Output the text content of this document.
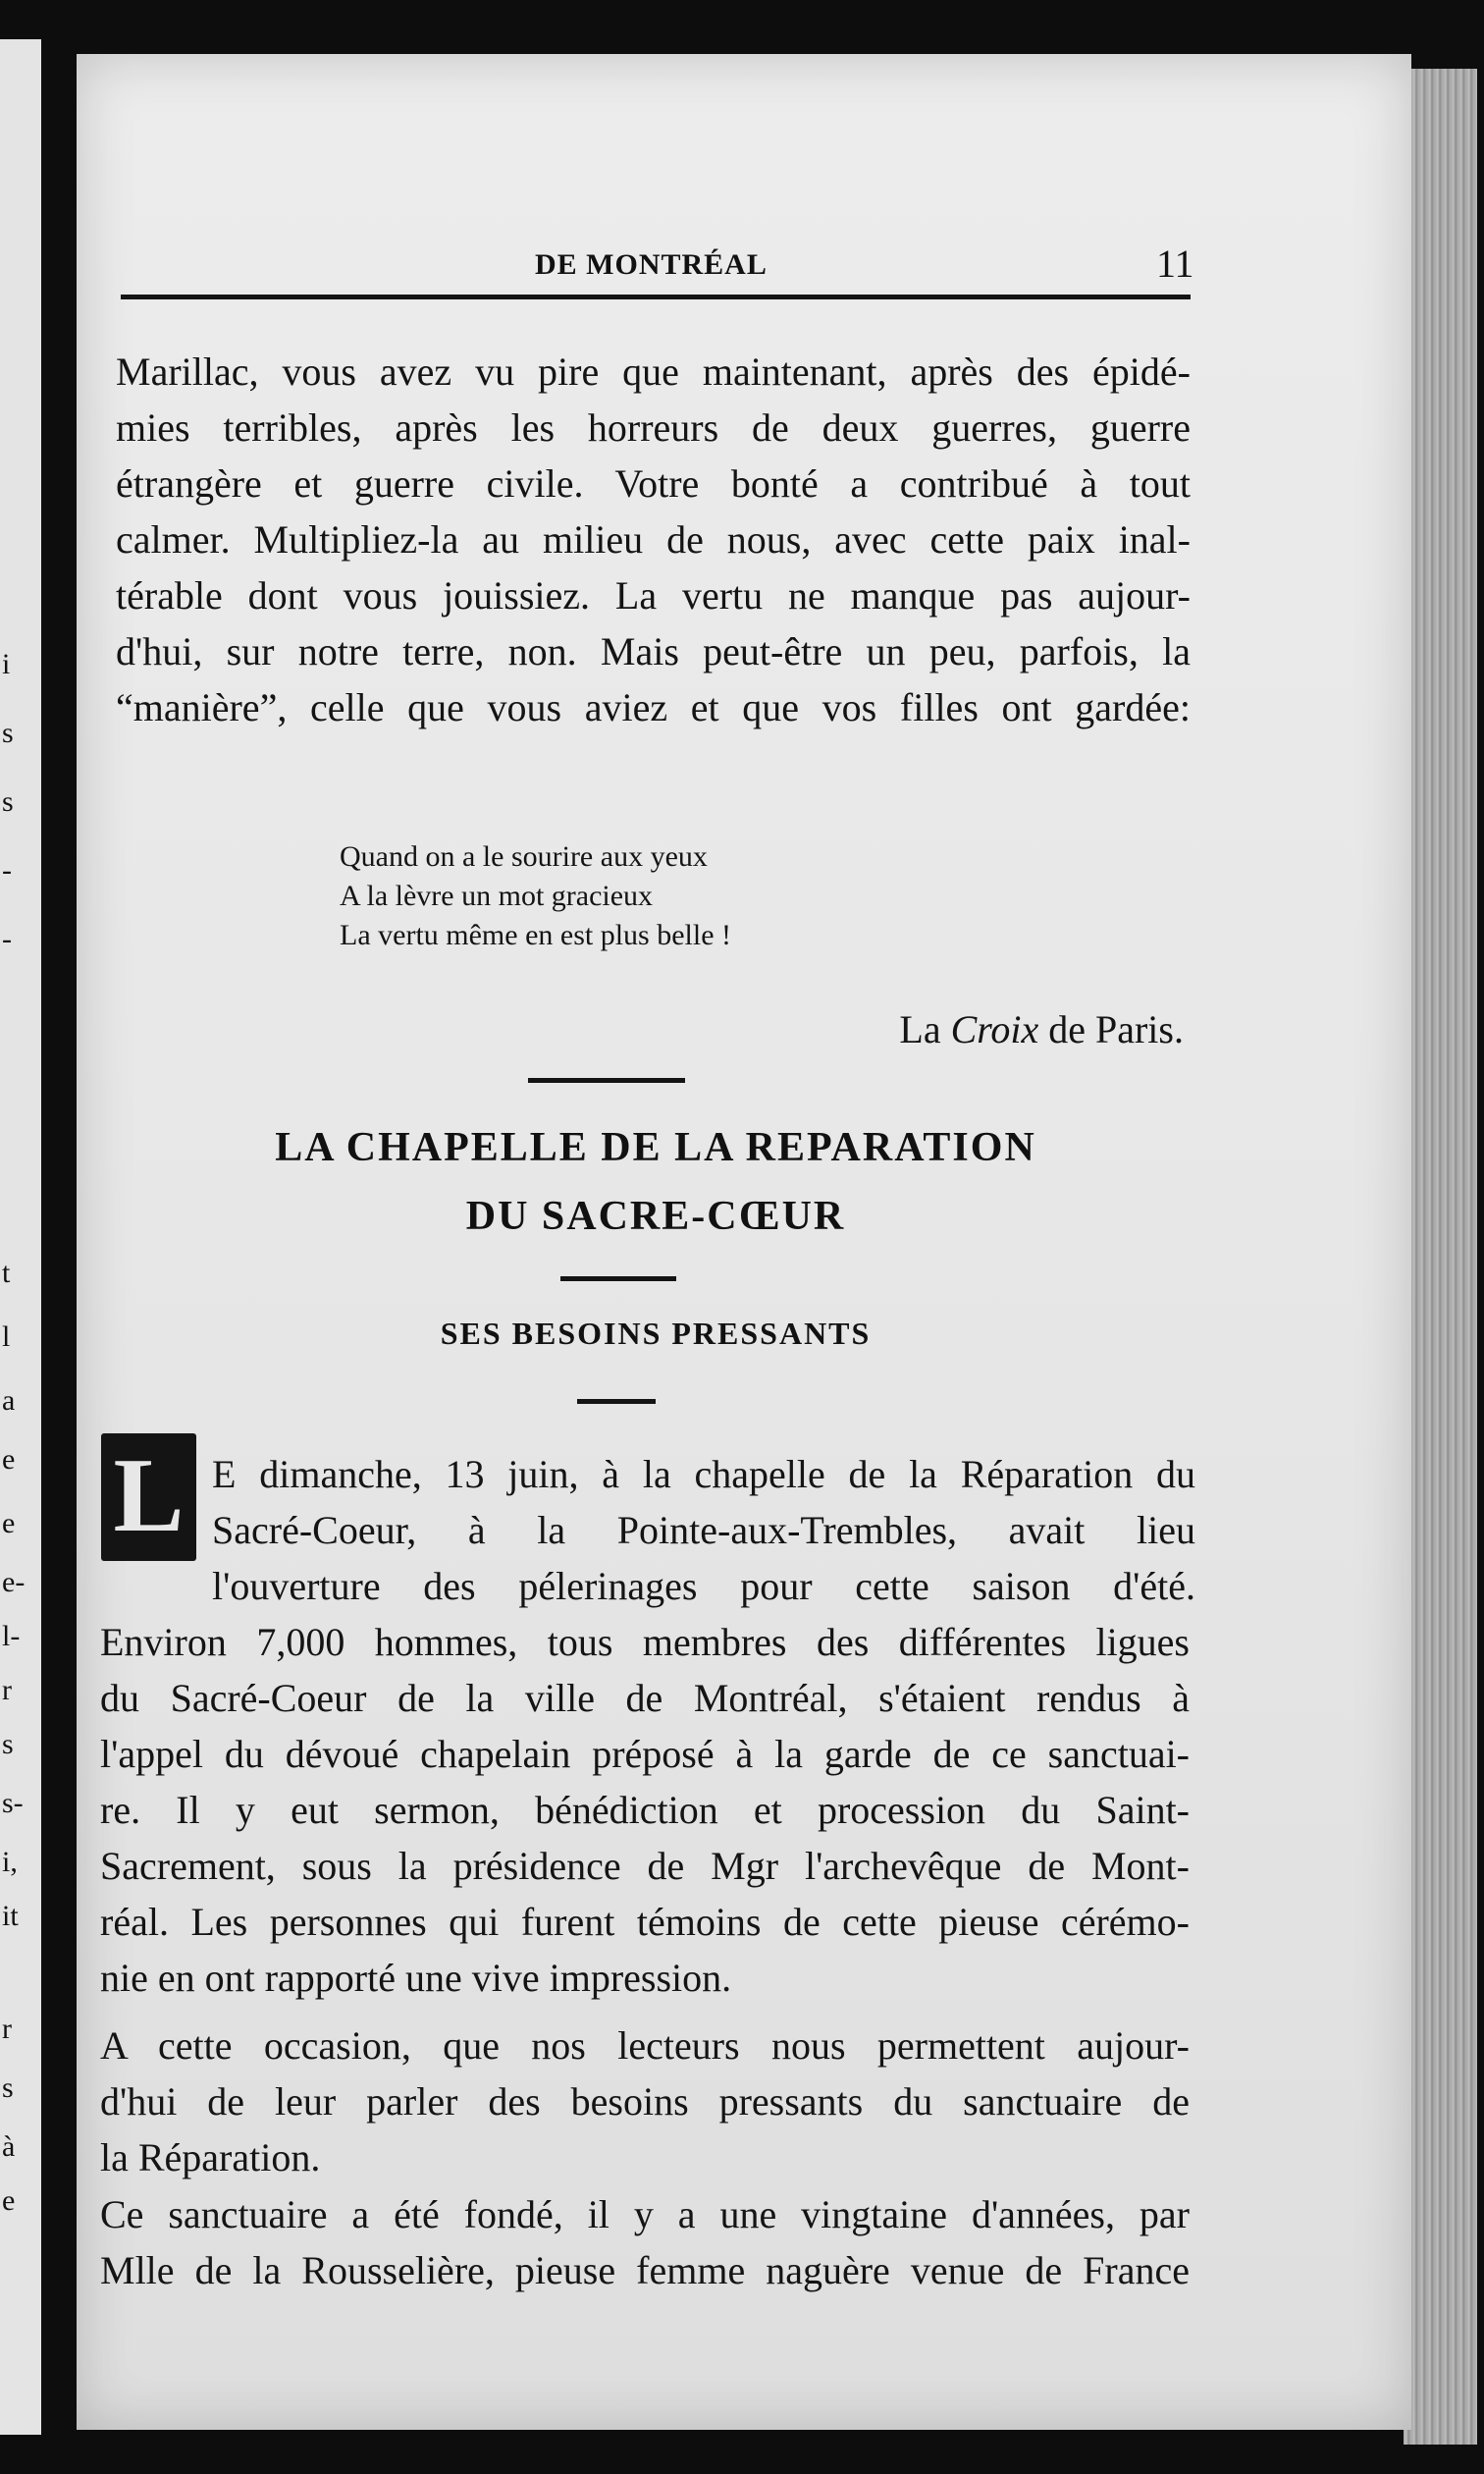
i
s
s
-
-
t
l
a
e
e
e-
l-
r
s
s-
i,
it
r
s
à
e
DE MONTRÉAL	11

Marillac, vous avez vu pire que maintenant, après des épidé-
mies terribles, après les horreurs de deux guerres, guerre
étrangère et guerre civile. Votre bonté a contribué à tout
calmer. Multipliez-la au milieu de nous, avec cette paix inal-
térable dont vous jouissiez. La vertu ne manque pas aujour-
d'hui, sur notre terre, non. Mais peut-être un peu, parfois, la
“manière”, celle que vous aviez et que vos filles ont gardée:

Quand on a le sourire aux yeux
A la lèvre un mot gracieux
La vertu même en est plus belle !
La Croix de Paris.
LA CHAPELLE DE LA REPARATION
DU SACRE-CŒUR
SES BESOINS PRESSANTS
L E dimanche, 13 juin, à la chapelle de la Réparation du
Sacré-Coeur, à la Pointe-aux-Trembles, avait lieu
l'ouverture des pélerinages pour cette saison d'été.

Environ 7,000 hommes, tous membres des différentes ligues
du Sacré-Coeur de la ville de Montréal, s'étaient rendus à
l'appel du dévoué chapelain préposé à la garde de ce sanctuai-
re. Il y eut sermon, bénédiction et procession du Saint-
Sacrement, sous la présidence de Mgr l'archevêque de Mont-
réal. Les personnes qui furent témoins de cette pieuse cérémo-
nie en ont rapporté une vive impression.

A cette occasion, que nos lecteurs nous permettent aujour-
d'hui de leur parler des besoins pressants du sanctuaire de
la Réparation.

Ce sanctuaire a été fondé, il y a une vingtaine d'années, par
Mlle de la Rousselière, pieuse femme naguère venue de France
